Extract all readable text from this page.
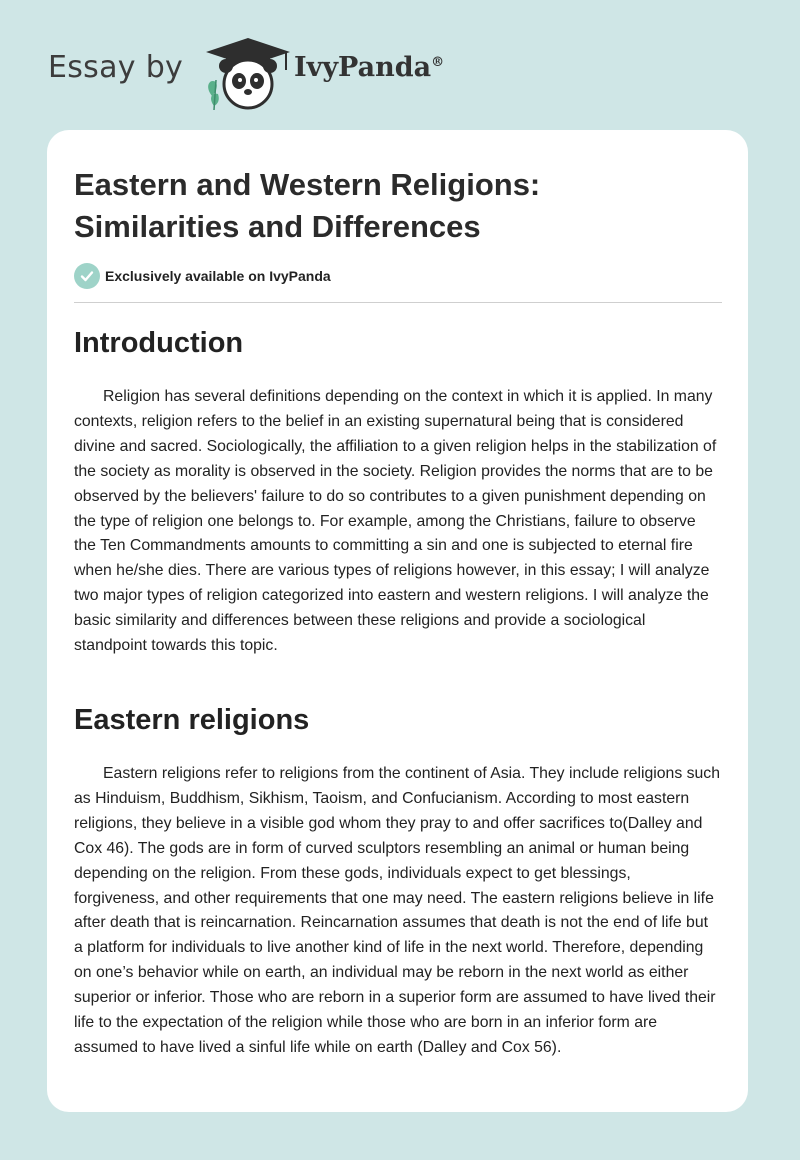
Essay by	IvyPanda®
Eastern and Western Religions: Similarities and Differences
Exclusively available on IvyPanda
Introduction

Religion has several definitions depending on the context in which it is applied. In many contexts, religion refers to the belief in an existing supernatural being that is considered divine and sacred. Sociologically, the affiliation to a given religion helps in the stabilization of the society as morality is observed in the society. Religion provides the norms that are to be observed by the believers' failure to do so contributes to a given punishment depending on the type of religion one belongs to. For example, among the Christians, failure to observe the Ten Commandments amounts to committing a sin and one is subjected to eternal fire when he/she dies. There are various types of religions however, in this essay; I will analyze two major types of religion categorized into eastern and western religions. I will analyze the basic similarity and differences between these religions and provide a sociological standpoint towards this topic.

Eastern religions

Eastern religions refer to religions from the continent of Asia. They include religions such as Hinduism, Buddhism, Sikhism, Taoism, and Confucianism. According to most eastern religions, they believe in a visible god whom they pray to and offer sacrifices to(Dalley and Cox 46). The gods are in form of curved sculptors resembling an animal or human being depending on the religion. From these gods, individuals expect to get blessings, forgiveness, and other requirements that one may need. The eastern religions believe in life after death that is reincarnation. Reincarnation assumes that death is not the end of life but a platform for individuals to live another kind of life in the next world. Therefore, depending on one’s behavior while on earth, an individual may be reborn in the next world as either superior or inferior. Those who are reborn in a superior form are assumed to have lived their life to the expectation of the religion while those who are born in an inferior form are assumed to have lived a sinful life while on earth (Dalley and Cox 56).
